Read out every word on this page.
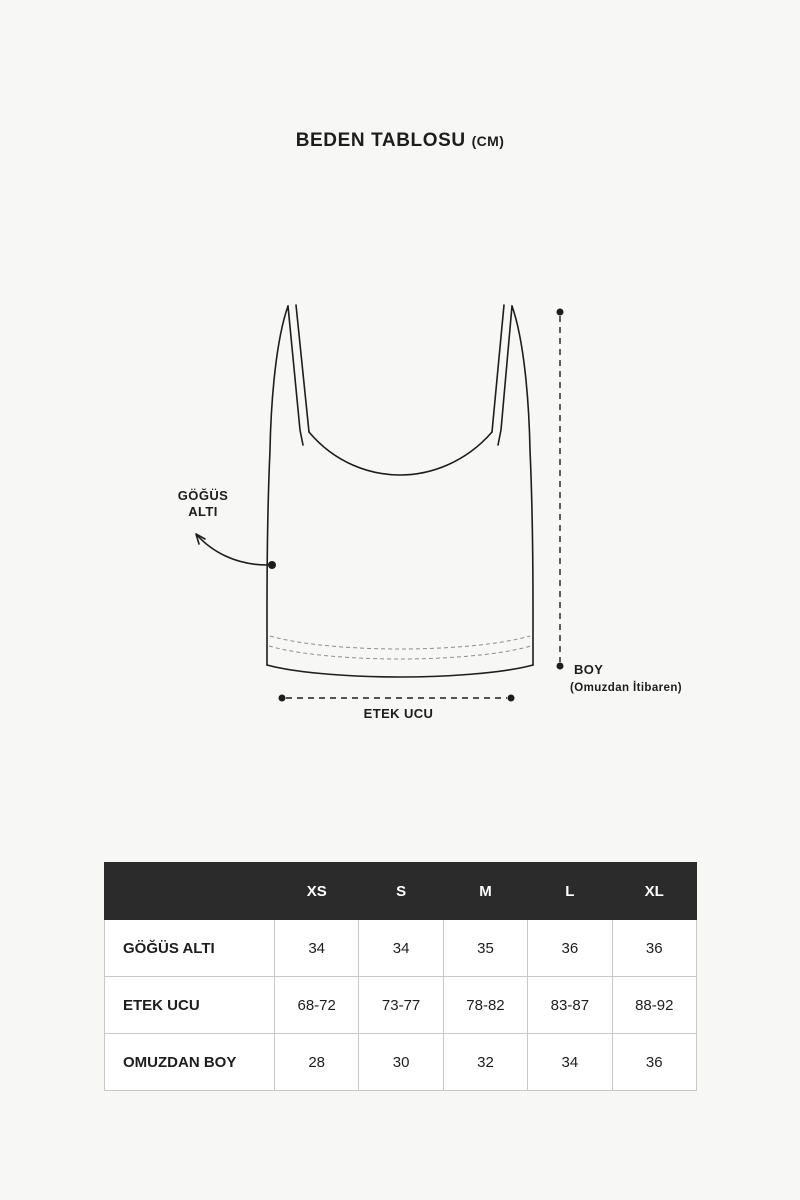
BEDEN TABLOSU (CM)
GÖĞÜS
ALTI
BOY
(Omuzdan İtibaren)
ETEK UCU
	XS	S	M	L	XL
GÖĞÜS ALTI	34	34	35	36	36
ETEK UCU	68-72	73-77	78-82	83-87	88-92
OMUZDAN BOY	28	30	32	34	36
